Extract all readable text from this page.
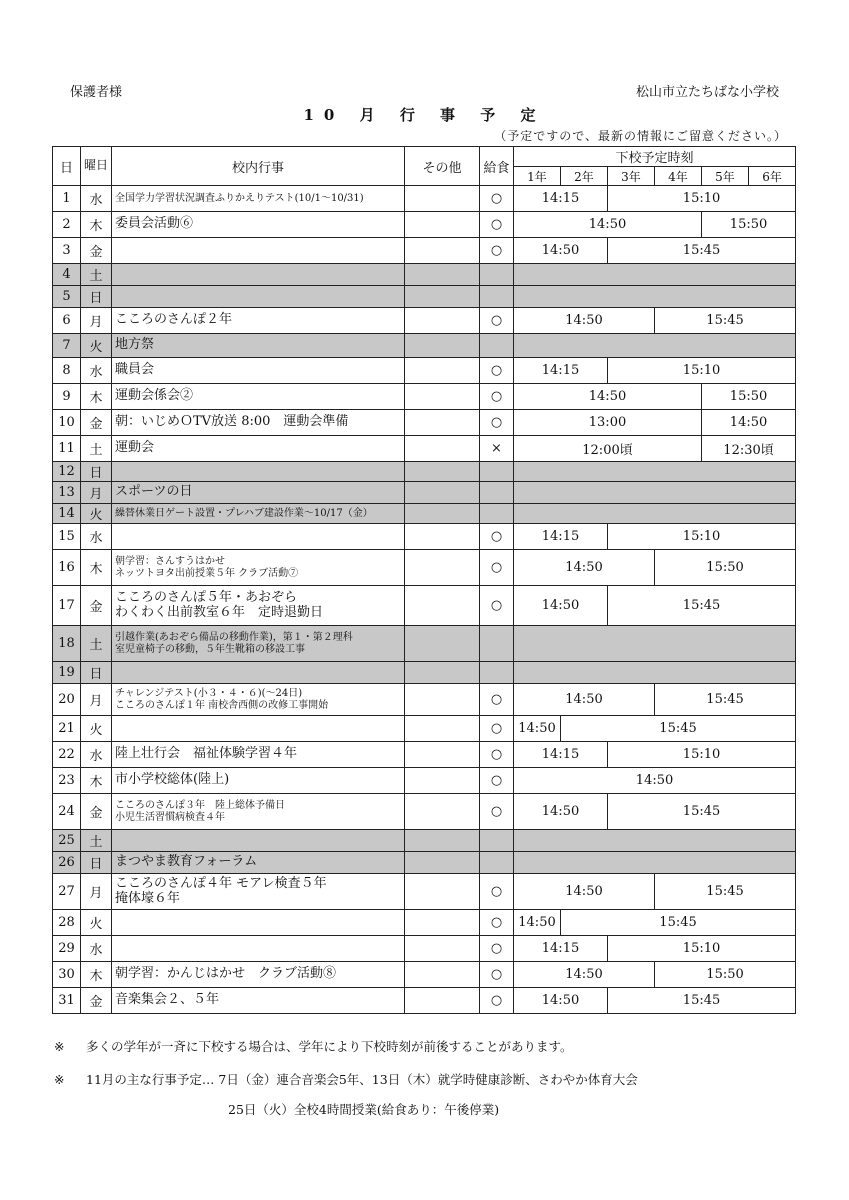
保護者様	松山市立たちばな小学校
10 月 行 事 予 定
（予定ですので、最新の情報にご留意ください。）
日	曜日	校内行事	その他	給食	下校予定時刻					
					1年	2年	3年	4年	5年	6年
1	水	全国学力学習状況調査ふりかえりテスト(10/1～10/31)		○	14:15		15:10			
2	木	委員会活動⑥		○	14:50				15:50	
3	金			○	14:50		15:45			
4	土						

5	日						

6	月	こころのさんぽ２年		○	14:50			15:45		
7	火	地方祭								

8	水	職員会		○	14:15		15:10			
9	木	運動会係会②		○	14:50				15:50	
10	金	朝：いじめＯTV放送 8:00　運動会準備		○	13:00				14:50	
11	土	運動会		×	12:00頃				12:30頃	
12	日						

13	月	スポーツの日								

14	火	繰替休業日ゲート設置・プレハブ建設作業～10/17（金）								

15	水			○	14:15		15:10			
16	木	朝学習：さんすうはかせ
ネッツトヨタ出前授業５年 クラブ活動⑦		○	14:50			15:50		
17	金	こころのさんぽ５年・あおぞら
わくわく出前教室６年　定時退勤日		○	14:50		15:45			
18	土	引越作業(あおぞら備品の移動作業)，第１・第２理科
室児童椅子の移動，５年生靴箱の移設工事								

19	日						

20	月	チャレンジテスト(小３・４・６)(～24日)
こころのさんぽ１年 南校舎西側の改修工事開始		○	14:50			15:45		
21	火			○	14:50	15:45				
22	水	陸上壮行会　福祉体験学習４年		○	14:15		15:10			
23	木	市小学校総体(陸上)		○	14:50					
24	金	こころのさんぽ３年　陸上総体予備日
小児生活習慣病検査４年		○	14:50		15:45			
25	土						

26	日	まつやま教育フォーラム								

27	月	こころのさんぽ４年 モアレ検査５年
掩体壕６年		○	14:50			15:45		
28	火			○	14:50	15:45				
29	水			○	14:15		15:10			
30	木	朝学習：かんじはかせ　クラブ活動⑧		○	14:50			15:50		
31	金	音楽集会２、５年		○	14:50		15:45			
※ 多くの学年が一斉に下校する場合は、学年により下校時刻が前後することがあります。
※ 11月の主な行事予定… 7日（金）連合音楽会5年、13日（木）就学時健康診断、さわやか体育大会
25日（火）全校4時間授業(給食あり：午後停業)
